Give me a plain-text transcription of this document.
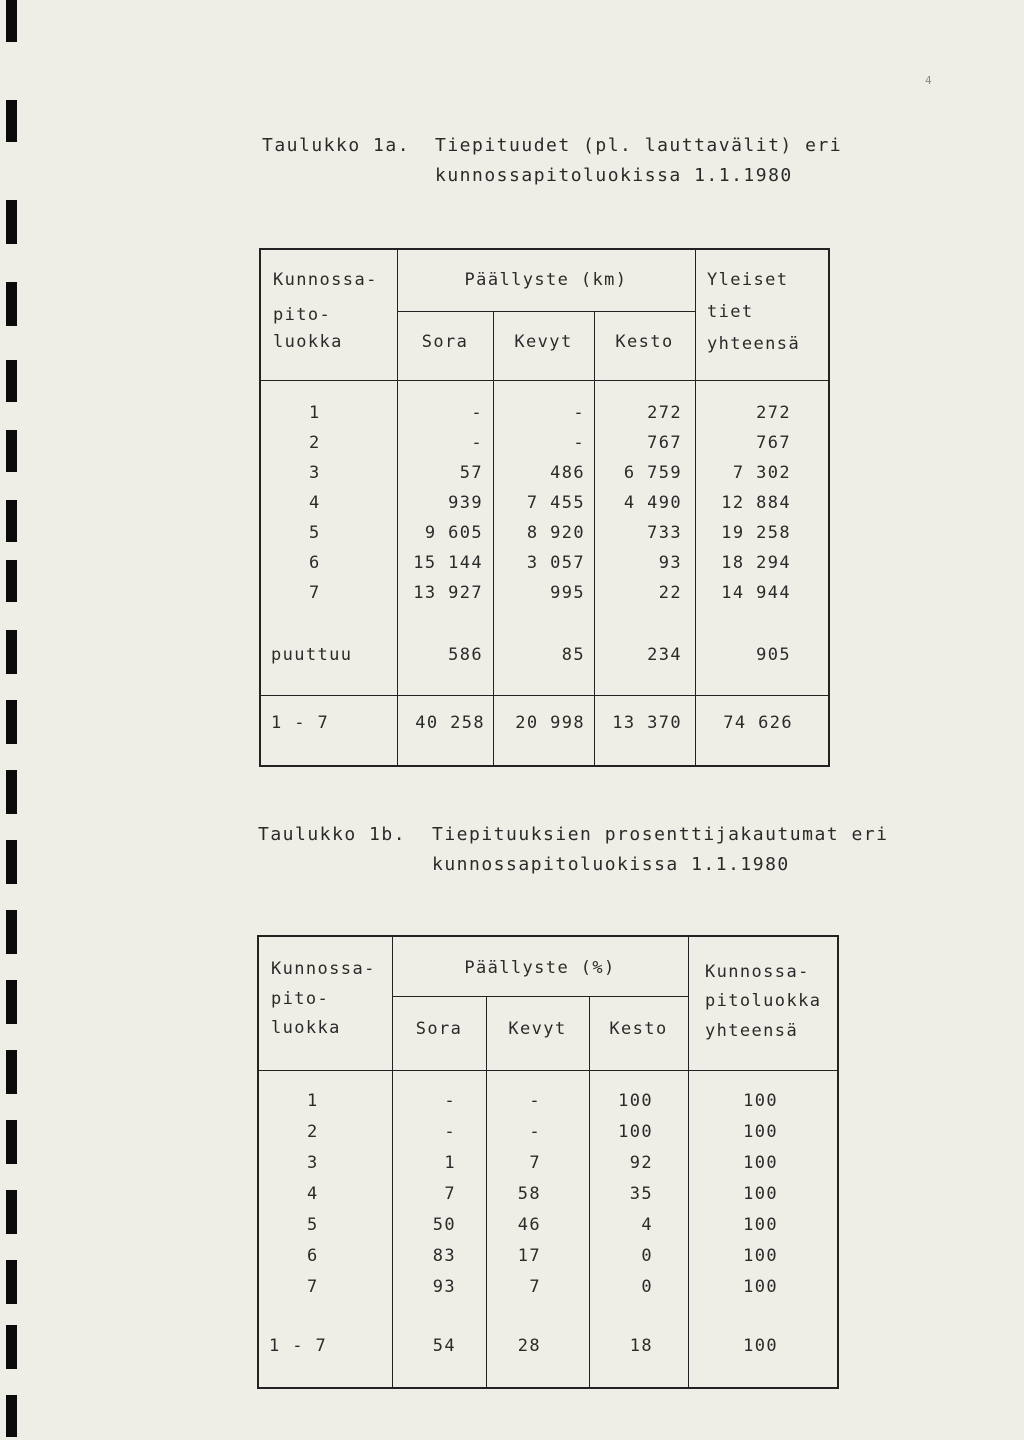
4

Taulukko 1a.

Tiepituudet (pl. lauttavälit) eri

kunnossapitoluokissa 1.1.1980

Kunnossa-
pito-
luokka
Päällyste (km)
Sora	Kevyt	Kesto
Yleiset
tiet
yhteensä
1	-	-	272	272
2	-	-	767	767
3	57	486	6 759	7 302
4	939	7 455	4 490	12 884
5	9 605	8 920	733	19 258
6	15 144	3 057	93	18 294
7	13 927	995	22	14 944
puuttuu	586	85	234	905
1 - 7	40 258	20 998	13 370	74 626

Taulukko 1b.

Tiepituuksien prosenttijakautumat eri

kunnossapitoluokissa 1.1.1980

Kunnossa-
pito-
luokka
Päällyste (%)
Sora	Kevyt	Kesto
Kunnossa-
pitoluokka
yhteensä
1	-	-	100	100
2	-	-	100	100
3	1	7	92	100
4	7	58	35	100
5	50	46	4	100
6	83	17	0	100
7	93	7	0	100
1 - 7	54	28	18	100
